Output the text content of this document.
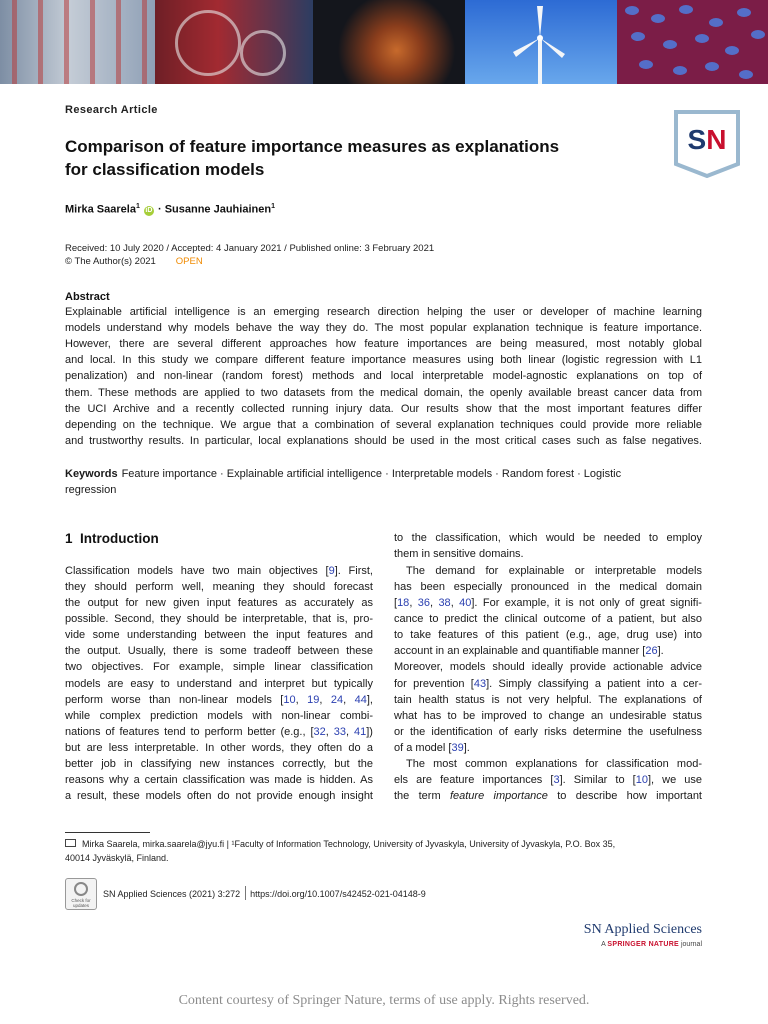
Research Article
Comparison of feature importance measures as explanations
for classification models
SN
Mirka Saarela$^1$ iD · Susanne Jauhiainen$^1$
Received: 10 July 2020 / Accepted: 4 January 2021 / Published online: 3 February 2021
© The Author(s) 2021 OPEN
Abstract
Explainable artificial intelligence is an emerging research direction helping the user or developer of machine learning
models understand why models behave the way they do. The most popular explanation technique is feature importance.
However, there are several different approaches how feature importances are being measured, most notably global
and local. In this study we compare different feature importance measures using both linear (logistic regression with L1
penalization) and non-linear (random forest) methods and local interpretable model-agnostic explanations on top of
them. These methods are applied to two datasets from the medical domain, the openly available breast cancer data from
the UCI Archive and a recently collected running injury data. Our results show that the most important features differ
depending on the technique. We argue that a combination of several explanation techniques could provide more reliable
and trustworthy results. In particular, local explanations should be used in the most critical cases such as false negatives.
Keywords Feature importance · Explainable artificial intelligence · Interpretable models · Random forest · Logistic
regression
1 Introduction
Classification models have two main objectives [9]. First,
they should perform well, meaning they should forecast
the output for new given input features as accurately as
possible. Second, they should be interpretable, that is, pro-
vide some understanding between the input features and
the output. Usually, there is some tradeoff between these
two objectives. For example, simple linear classification
models are easy to understand and interpret but typically
perform worse than non-linear models [10, 19, 24, 44],
while complex prediction models with non-linear combi-
nations of features tend to perform better (e.g., [32, 33, 41])
but are less interpretable. In other words, they often do a
better job in classifying new instances correctly, but the
reasons why a certain classification was made is hidden. As
a result, these models often do not provide enough insight
to the classification, which would be needed to employ
them in sensitive domains.
The demand for explainable or interpretable models
has been especially pronounced in the medical domain
[18, 36, 38, 40]. For example, it is not only of great signifi-
cance to predict the clinical outcome of a patient, but also
to take features of this patient (e.g., age, drug use) into
account in an explainable and quantifiable manner [26].
Moreover, models should ideally provide actionable advice
for prevention [43]. Simply classifying a patient into a cer-
tain health status is not very helpful. The explanations of
what has to be improved to change an undesirable status
or the identification of early risks determine the usefulness
of a model [39].
The most common explanations for classification mod-
els are feature importances [3]. Similar to [10], we use
the term feature importance to describe how important
Mirka Saarela, mirka.saarela@jyu.fi | ¹Faculty of Information Technology, University of Jyvaskyla, University of Jyvaskyla, P.O. Box 35,
40014 Jyväskylä, Finland.
Check for
updates
SN Applied Sciences (2021) 3:272 https://doi.org/10.1007/s42452-021-04148-9
SN Applied Sciences
A SPRINGER NATURE journal
Content courtesy of Springer Nature, terms of use apply. Rights reserved.
